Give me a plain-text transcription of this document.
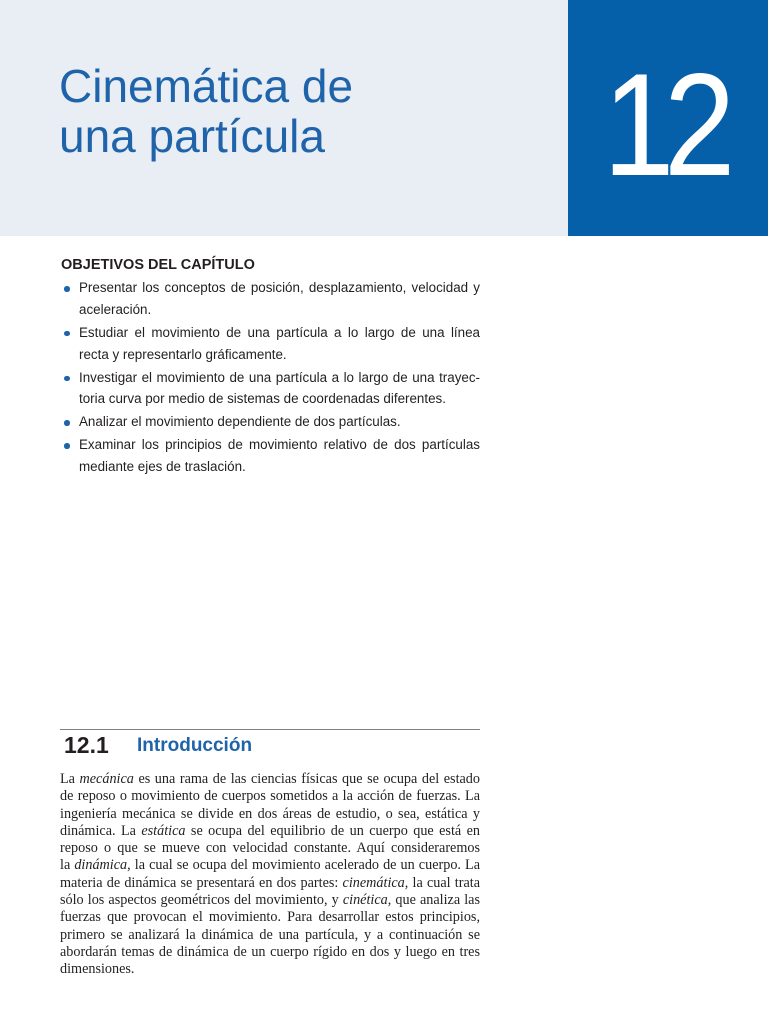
Cinemática de
una partícula 12
OBJETIVOS DEL CAPÍTULO
Presentar los conceptos de posición, desplazamiento, velocidad y
aceleración.
Estudiar el movimiento de una partícula a lo largo de una línea
recta y representarlo gráficamente.
Investigar el movimiento de una partícula a lo largo de una trayec-
toria curva por medio de sistemas de coordenadas diferentes.
Analizar el movimiento dependiente de dos partículas.
Examinar los principios de movimiento relativo de dos partículas
mediante ejes de traslación.
12.1 Introducción
La mecánica es una rama de las ciencias físicas que se ocupa del estado
de reposo o movimiento de cuerpos sometidos a la acción de fuerzas. La
ingeniería mecánica se divide en dos áreas de estudio, o sea, estática y
dinámica. La estática se ocupa del equilibrio de un cuerpo que está en
reposo o que se mueve con velocidad constante. Aquí consideraremos
la dinámica, la cual se ocupa del movimiento acelerado de un cuerpo. La
materia de dinámica se presentará en dos partes: cinemática, la cual trata
sólo los aspectos geométricos del movimiento, y cinética, que analiza las
fuerzas que provocan el movimiento. Para desarrollar estos principios,
primero se analizará la dinámica de una partícula, y a continuación se
abordarán temas de dinámica de un cuerpo rígido en dos y luego en tres
dimensiones.
